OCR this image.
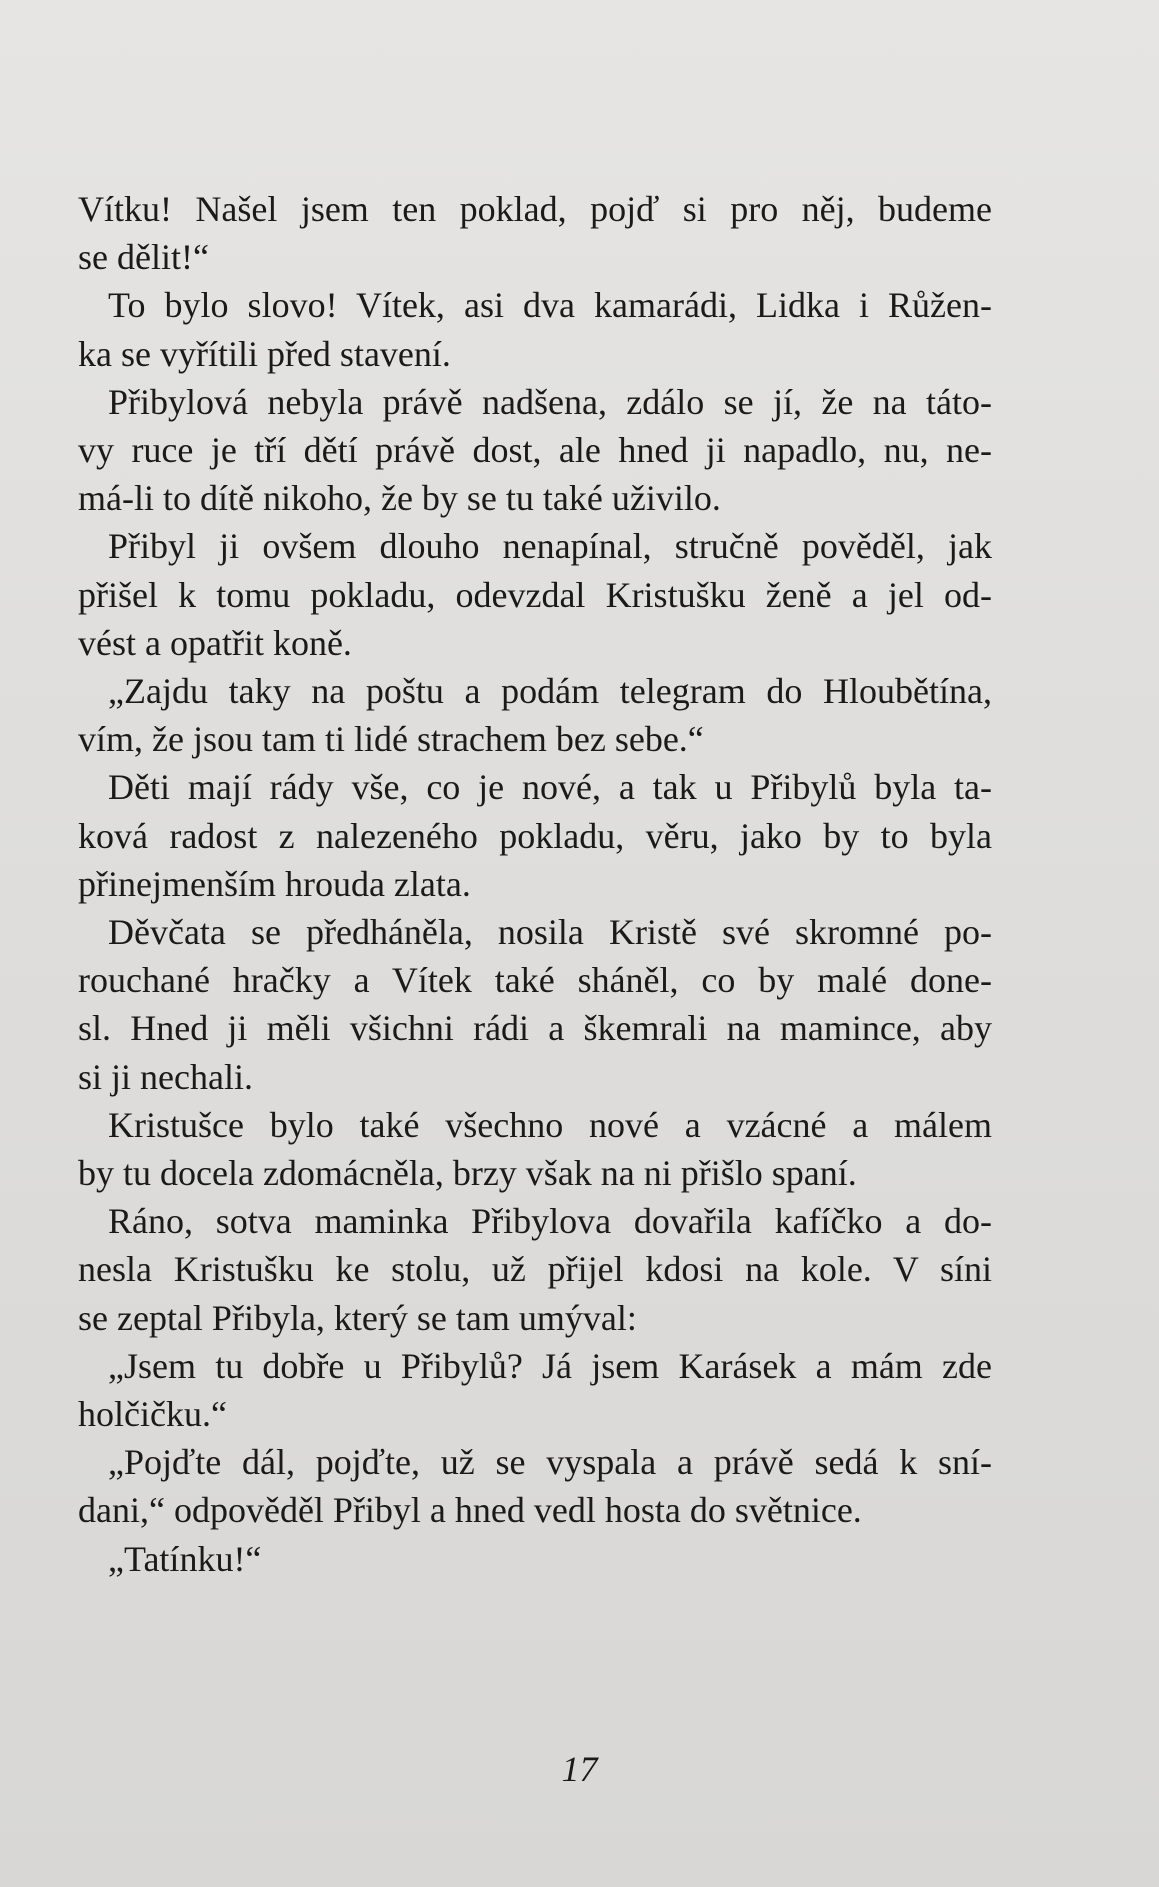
Vítku! Našel jsem ten poklad, pojď si pro něj, budeme

se dělit!“

To bylo slovo! Vítek, asi dva kamarádi, Lidka i Růžen-

ka se vyřítili před stavení.

Přibylová nebyla právě nadšena, zdálo se jí, že na táto-

vy ruce je tří dětí právě dost, ale hned ji napadlo, nu, ne-

má-li to dítě nikoho, že by se tu také uživilo.

Přibyl ji ovšem dlouho nenapínal, stručně pověděl, jak

přišel k tomu pokladu, odevzdal Kristušku ženě a jel od-

vést a opatřit koně.

„Zajdu taky na poštu a podám telegram do Hloubětína,

vím, že jsou tam ti lidé strachem bez sebe.“

Děti mají rády vše, co je nové, a tak u Přibylů byla ta-

ková radost z nalezeného pokladu, věru, jako by to byla

přinejmenším hrouda zlata.

Děvčata se předháněla, nosila Kristě své skromné po-

rouchané hračky a Vítek také sháněl, co by malé done-

sl. Hned ji měli všichni rádi a škemrali na mamince, aby

si ji nechali.

Kristušce bylo také všechno nové a vzácné a málem

by tu docela zdomácněla, brzy však na ni přišlo spaní.

Ráno, sotva maminka Přibylova dovařila kafíčko a do-

nesla Kristušku ke stolu, už přijel kdosi na kole. V síni

se zeptal Přibyla, který se tam umýval:

„Jsem tu dobře u Přibylů? Já jsem Karásek a mám zde

holčičku.“

„Pojďte dál, pojďte, už se vyspala a právě sedá k sní-

dani,“ odpověděl Přibyl a hned vedl hosta do světnice.

„Tatínku!“

17
